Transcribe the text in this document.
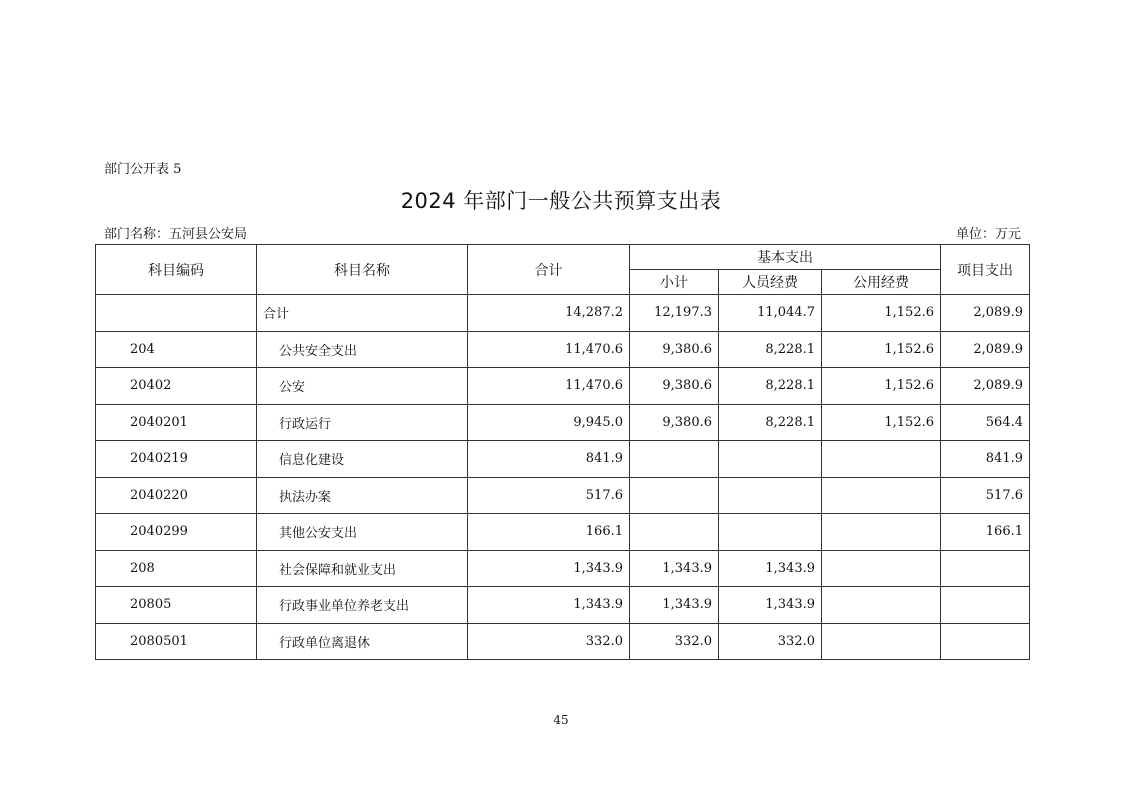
部门公开表 5
2024 年部门一般公共预算支出表
部门名称：五河县公安局	单位：万元
科目编码	科目名称	合计	基本支出			项目支出
			小计	人员经费	公用经费	
	合计	14,287.2	12,197.3	11,044.7	1,152.6	2,089.9
204	公共安全支出	11,470.6	9,380.6	8,228.1	1,152.6	2,089.9
20402	公安	11,470.6	9,380.6	8,228.1	1,152.6	2,089.9
2040201	行政运行	9,945.0	9,380.6	8,228.1	1,152.6	564.4
2040219	信息化建设	841.9				841.9
2040220	执法办案	517.6				517.6
2040299	其他公安支出	166.1				166.1
208	社会保障和就业支出	1,343.9	1,343.9	1,343.9		
20805	行政事业单位养老支出	1,343.9	1,343.9	1,343.9		
2080501	行政单位离退休	332.0	332.0	332.0		
45
